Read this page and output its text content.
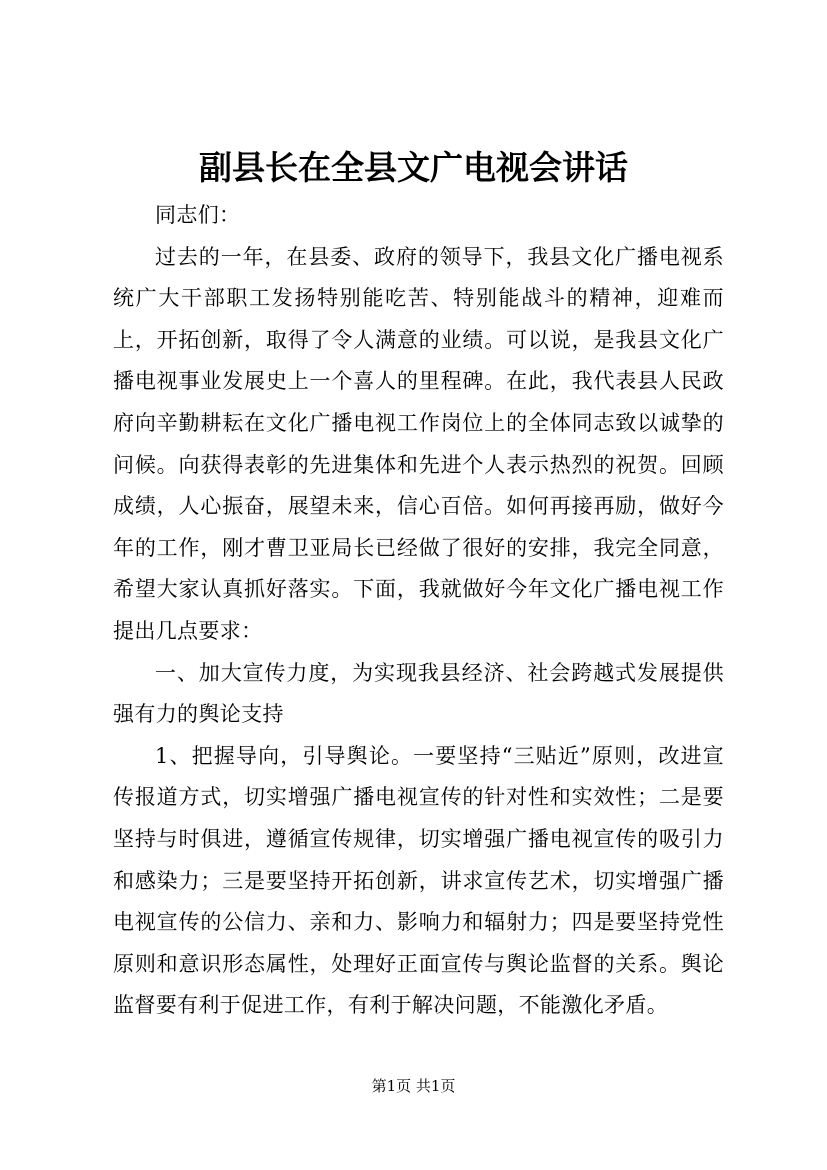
副县长在全县文广电视会讲话

同志们：

过去的一年，在县委、政府的领导下，我县文化广播电视系统广大干部职工发扬特别能吃苦、特别能战斗的精神，迎难而上，开拓创新，取得了令人满意的业绩。可以说，是我县文化广播电视事业发展史上一个喜人的里程碑。在此，我代表县人民政府向辛勤耕耘在文化广播电视工作岗位上的全体同志致以诚挚的问候。向获得表彰的先进集体和先进个人表示热烈的祝贺。回顾成绩，人心振奋，展望未来，信心百倍。如何再接再励，做好今年的工作，刚才曹卫亚局长已经做了很好的安排，我完全同意，希望大家认真抓好落实。下面，我就做好今年文化广播电视工作提出几点要求：

一、加大宣传力度，为实现我县经济、社会跨越式发展提供强有力的舆论支持

1、把握导向，引导舆论。一要坚持“三贴近”原则，改进宣传报道方式，切实增强广播电视宣传的针对性和实效性；二是要坚持与时俱进，遵循宣传规律，切实增强广播电视宣传的吸引力和感染力；三是要坚持开拓创新，讲求宣传艺术，切实增强广播电视宣传的公信力、亲和力、影响力和辐射力；四是要坚持党性原则和意识形态属性，处理好正面宣传与舆论监督的关系。舆论监督要有利于促进工作，有利于解决问题，不能激化矛盾。

第1页 共1页
